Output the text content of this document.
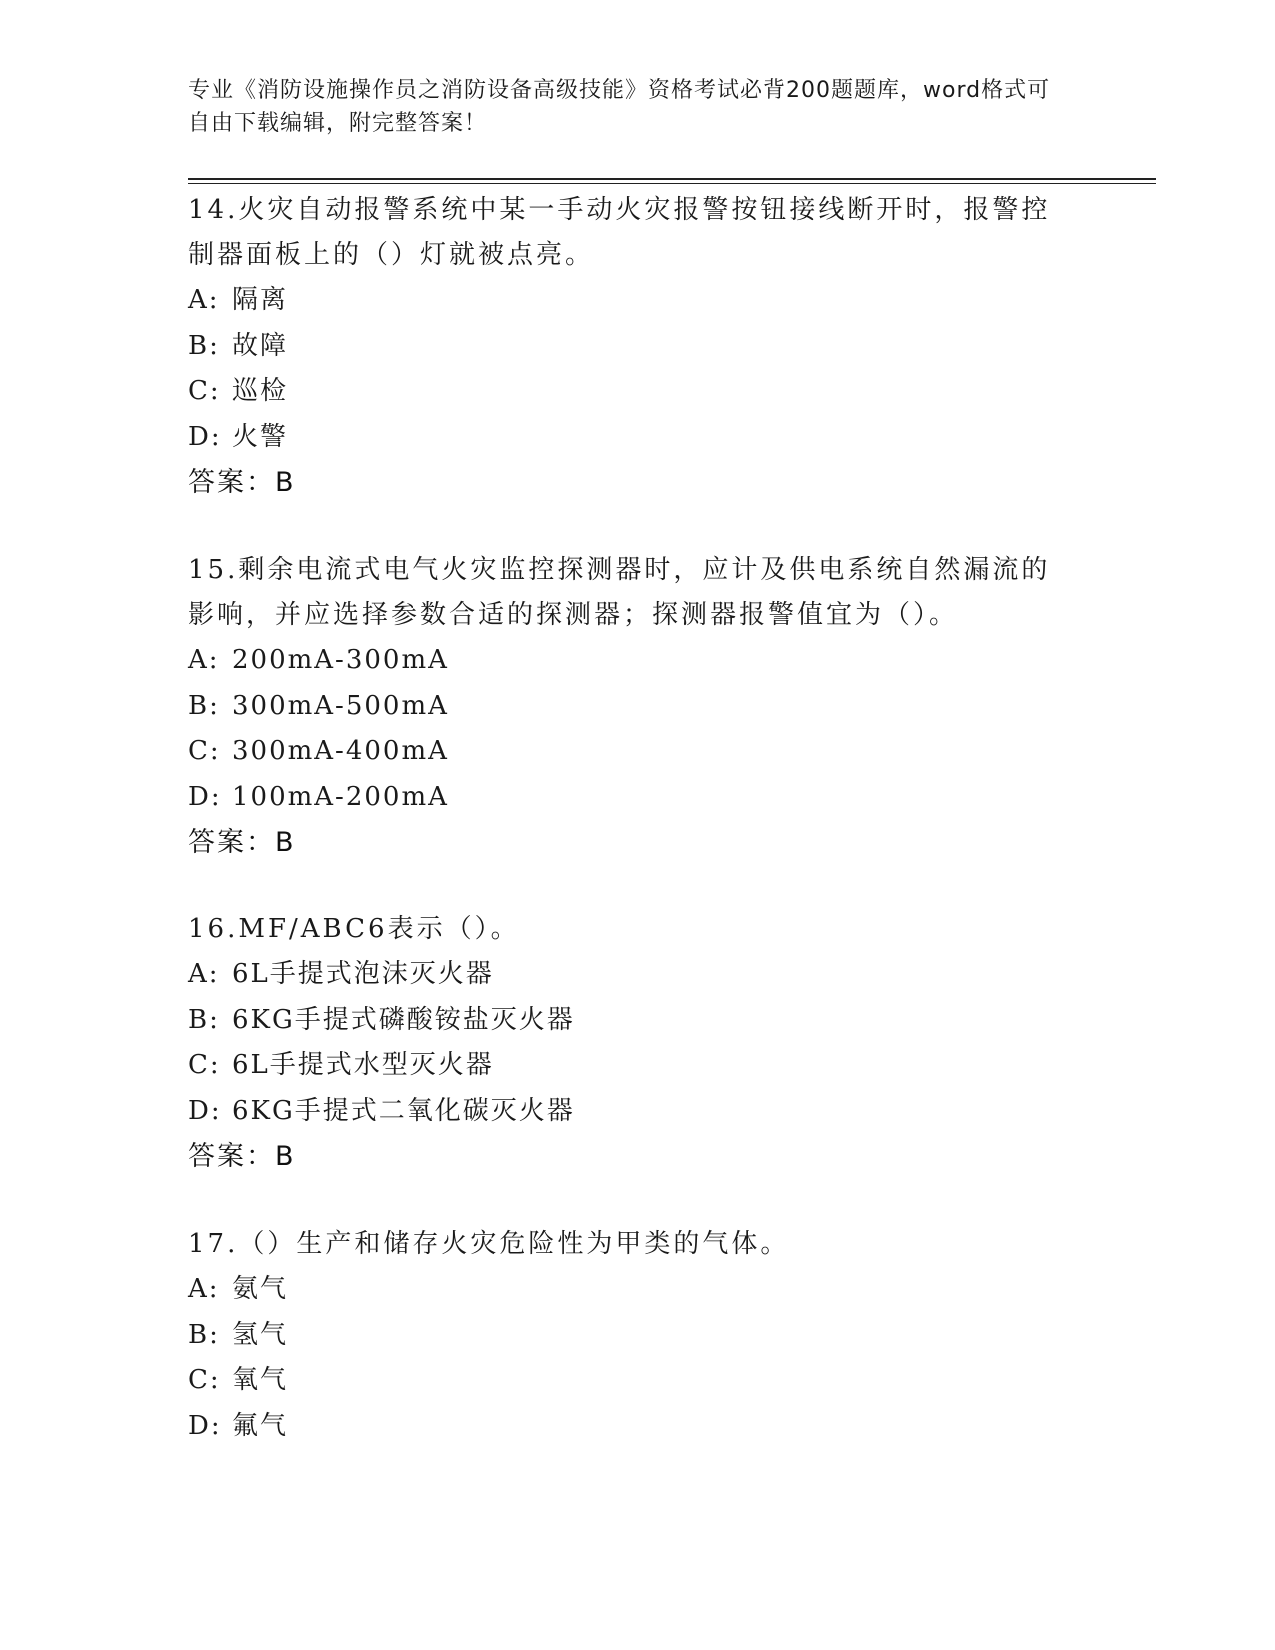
专业《消防设施操作员之消防设备高级技能》资格考试必背200题题库，word格式可自由下载编辑，附完整答案！

14.火灾自动报警系统中某一手动火灾报警按钮接线断开时，报警控制器面板上的（）灯就被点亮。

A: 隔离
B: 故障
C: 巡检
D: 火警
答案：B

15.剩余电流式电气火灾监控探测器时，应计及供电系统自然漏流的影响，并应选择参数合适的探测器；探测器报警值宜为（）。

A: 200mA-300mA
B: 300mA-500mA
C: 300mA-400mA
D: 100mA-200mA
答案：B

16.MF/ABC6表示（）。

A: 6L手提式泡沫灭火器
B: 6KG手提式磷酸铵盐灭火器
C: 6L手提式水型灭火器
D: 6KG手提式二氧化碳灭火器
答案：B

17.（）生产和储存火灾危险性为甲类的气体。

A: 氨气
B: 氢气
C: 氧气
D: 氟气
